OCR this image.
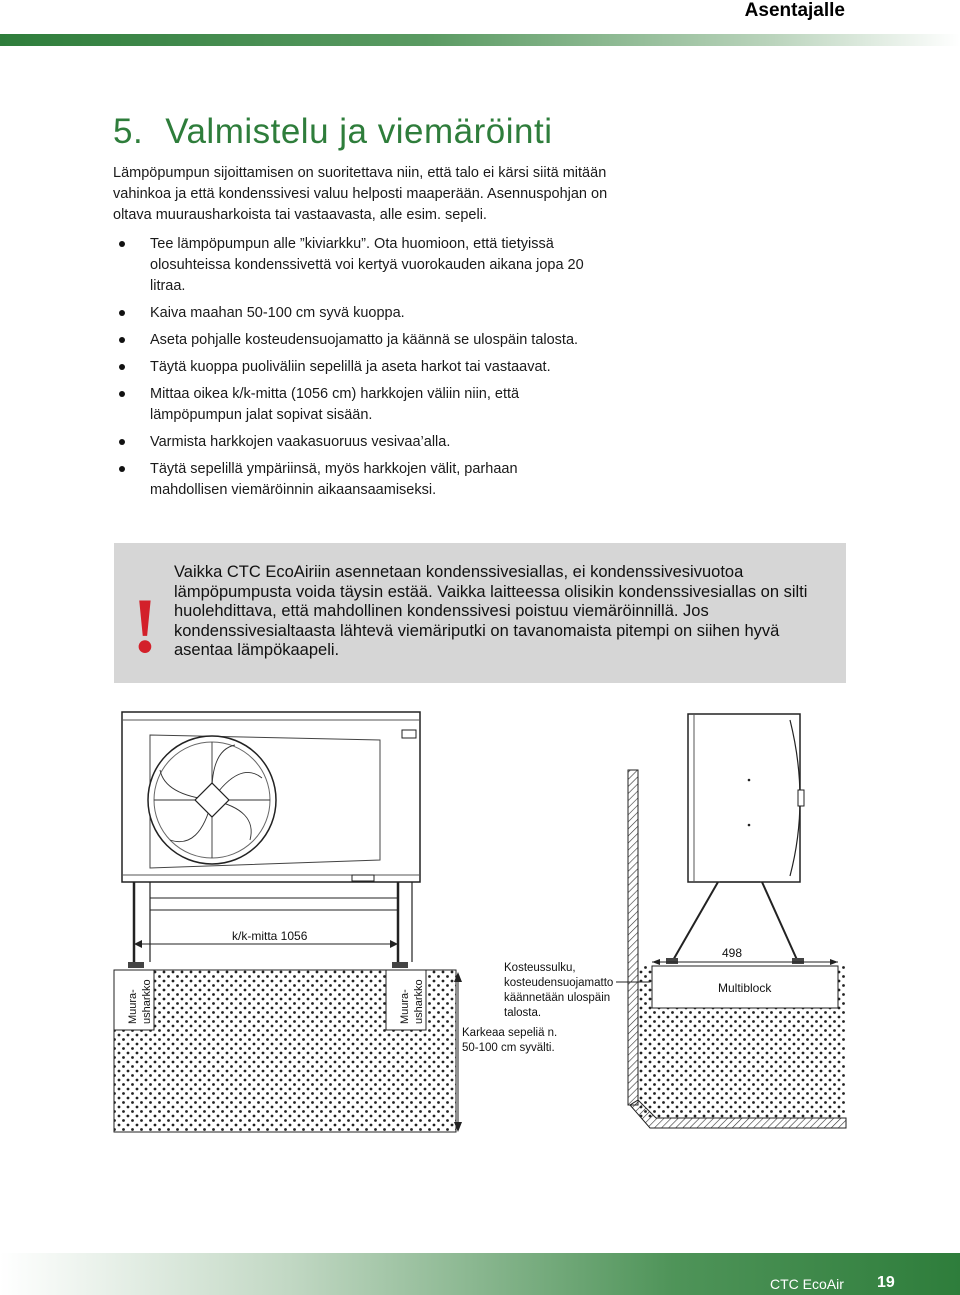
Asentajalle
5. Valmistelu ja viemäröinti
Lämpöpumpun sijoittamisen on suoritettava niin, että talo ei kärsi siitä mitään vahinkoa ja että kondenssivesi valuu helposti maaperään. Asennuspohjan on oltava muurausharkoista tai vastaavasta, alle esim. sepeli.
Tee lämpöpumpun alle ”kiviarkku”. Ota huomioon, että tietyissä olosuhteissa kondenssivettä voi kertyä vuorokauden aikana jopa 20 litraa.
Kaiva maahan 50-100 cm syvä kuoppa.
Aseta pohjalle kosteudensuojamatto ja käännä se ulospäin talosta.
Täytä kuoppa puoliväliin sepelillä ja aseta harkot tai vastaavat.
Mittaa oikea k/k-mitta (1056 cm) harkkojen väliin niin, että lämpöpumpun jalat sopivat sisään.
Varmista harkkojen vaakasuoruus vesivaa’alla.
Täytä sepelillä ympäriinsä, myös harkkojen välit, parhaan mahdollisen viemäröinnin aikaansaamiseksi.
!
Vaikka CTC EcoAiriin asennetaan kondenssivesiallas, ei kondenssivesivuotoa lämpöpumpusta voida täysin estää. Vaikka laitteessa olisikin kondenssivesiallas on silti huolehdittava, että mahdollinen kondenssivesi poistuu viemäröinnillä. Jos kondenssivesialtaasta lähtevä viemäriputki on tavanomaista pitempi on siihen hyvä asentaa lämpökaapeli.
k/k-mitta 1056
Muura- usharkko	Muura- usharkko
Kosteussulku, kosteudensuojamatto käännetään ulospäin talosta.
Karkeaa sepeliä n. 50-100 cm syvälti.
Multiblock
498
CTC EcoAir 19
